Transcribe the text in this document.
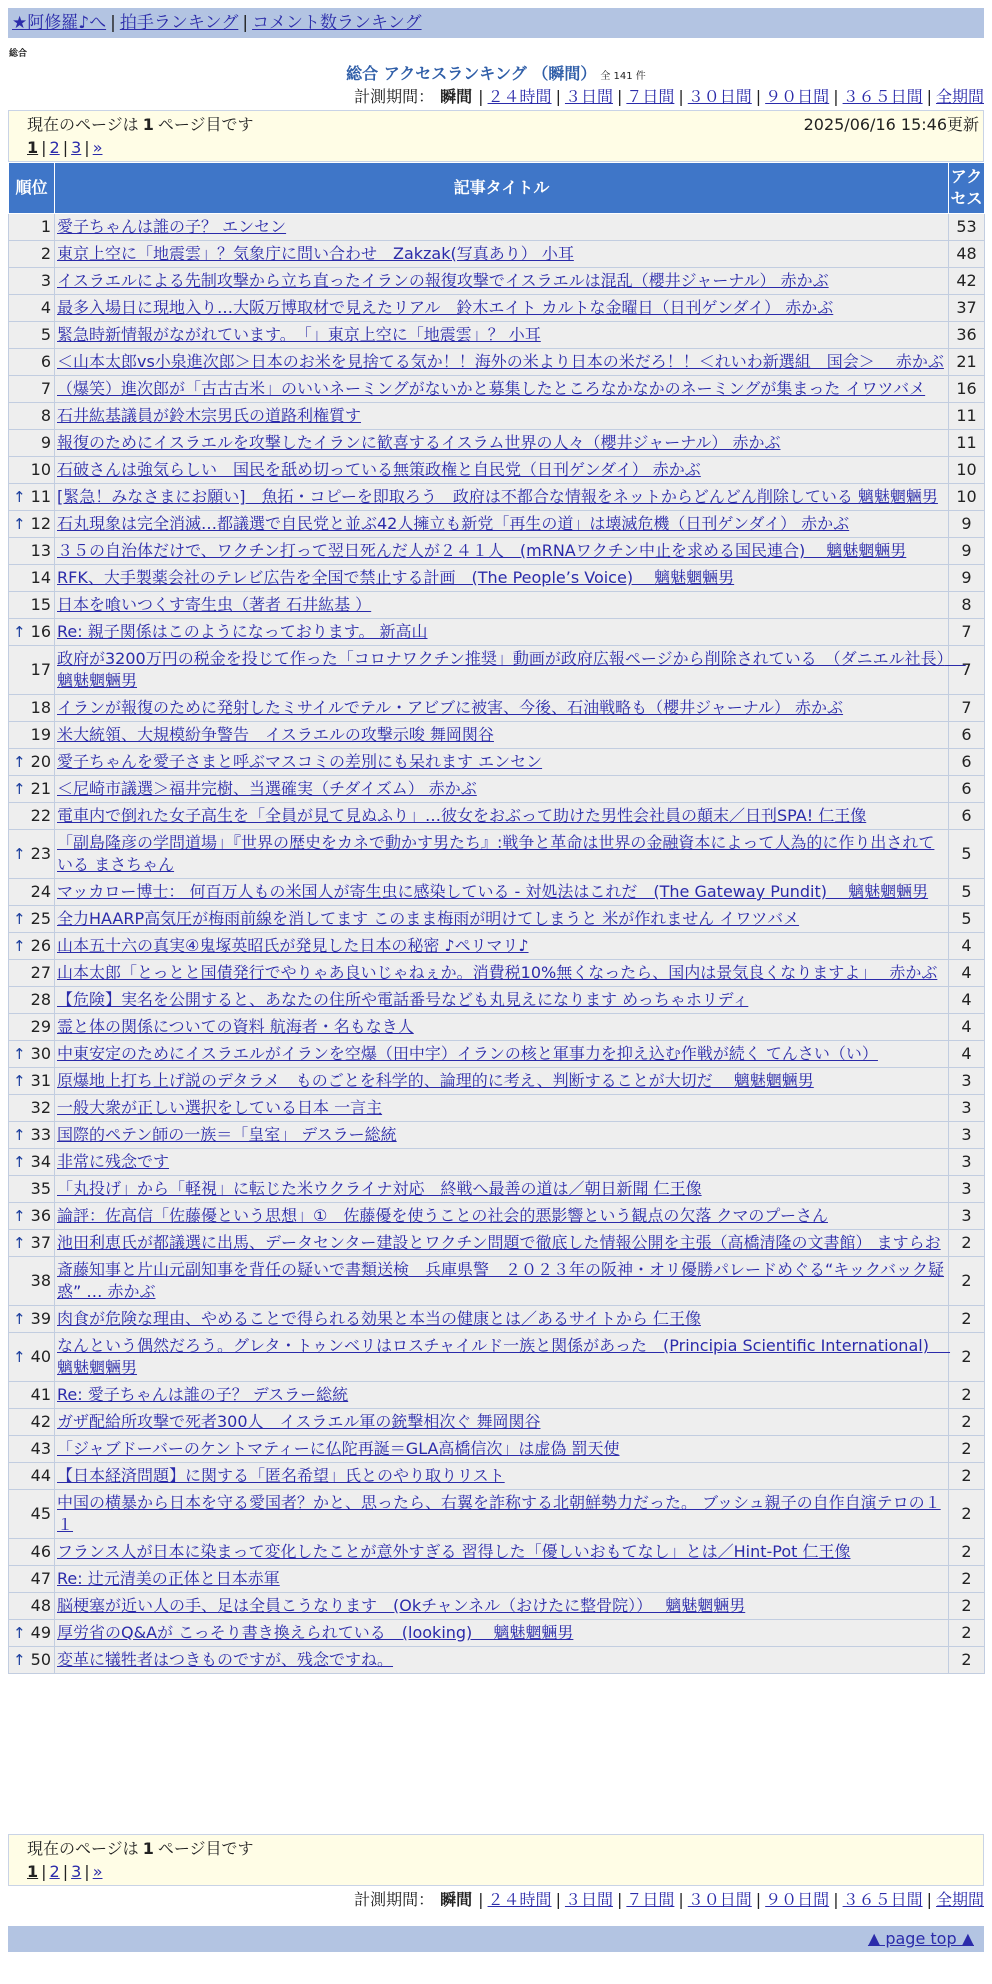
★阿修羅♪へ | 拍手ランキング | コメント数ランキング
総合
総合 アクセスランキング （瞬間） 全 141 件
計測期間： 瞬間 | ２４時間 | ３日間 | ７日間 | ３０日間 | ９０日間 | ３６５日間 | 全期間
現在のページは 1 ページ目です	2025/06/16 15:46更新
1 | 2 | 3 | »
順位	記事タイトル	アクセス
1	愛子ちゃんは誰の子？ エンセン	53
2	東京上空に「地震雲」？気象庁に問い合わせ　Zakzak(写真あり） 小耳	48
3	イスラエルによる先制攻撃から立ち直ったイランの報復攻撃でイスラエルは混乱（櫻井ジャーナル） 赤かぶ	42
4	最多入場日に現地入り…大阪万博取材で見えたリアル　鈴木エイト カルトな金曜日（日刊ゲンダイ） 赤かぶ	37
5	緊急時新情報がながれています。　「」東京上空に「地震雲」？ 小耳	36
6	＜山本太郎vs小泉進次郎＞日本のお米を見捨てる気か！！海外の米より日本の米だろ！！＜れいわ新選組　国会＞　 赤かぶ	21
7	（爆笑）進次郎が「古古古米」のいいネーミングがないかと募集したところなかなかのネーミングが集まった イワツバメ	16
8	石井紘基議員が鈴木宗男氏の道路利権質す	11
9	報復のためにイスラエルを攻撃したイランに歓喜するイスラム世界の人々（櫻井ジャーナル） 赤かぶ	11
10	石破さんは強気らしい　国民を舐め切っている無策政権と自民党（日刊ゲンダイ） 赤かぶ	10

↑ 11	[緊急！みなさまにお願い]　魚拓・コピーを即取ろう　政府は不都合な情報をネットからどんどん削除している 魑魅魍魎男	10

↑ 12	石丸現象は完全消滅…都議選で自民党と並ぶ42人擁立も新党「再生の道」は壊滅危機（日刊ゲンダイ） 赤かぶ	9
13	３５の自治体だけで、ワクチン打って翌日死んだ人が２４１人　(mRNAワクチン中止を求める国民連合)　 魑魅魍魎男	9
14	RFK、大手製薬会社のテレビ広告を全国で禁止する計画　(The People’s Voice)　 魑魅魍魎男	9
15	日本を喰いつくす寄生虫（著者 石井紘基 ）	8

↑ 16	Re: 親子関係はこのようになっております。 新高山	7
17	政府が3200万円の税金を投じて作った「コロナワクチン推奨」動画が政府広報ページから削除されている　（ダニエル社長）　 魑魅魍魎男	7
18	イランが報復のために発射したミサイルでテル・アビブに被害、今後、石油戦略も（櫻井ジャーナル） 赤かぶ	7
19	米大統領、大規模紛争警告　イスラエルの攻撃示唆 舞岡関谷	6

↑ 20	愛子ちゃんを愛子さまと呼ぶマスコミの差別にも呆れます エンセン	6

↑ 21	＜尼崎市議選＞福井完樹、当選確実（チダイズム） 赤かぶ	6
22	電車内で倒れた女子高生を「全員が見て見ぬふり」…彼女をおぶって助けた男性会社員の顛末／日刊SPA! 仁王像	6

↑ 23	「副島隆彦の学問道場」『世界の歴史をカネで動かす男たち』:戦争と革命は世界の金融資本によって人為的に作り出されている まさちゃん	5
24	マッカロー博士： 何百万人もの米国人が寄生虫に感染している - 対処法はこれだ　(The Gateway Pundit)　 魑魅魍魎男	5

↑ 25	全力HAARP高気圧が梅雨前線を消してます このまま梅雨が明けてしまうと 米が作れません イワツバメ	5

↑ 26	山本五十六の真実④鬼塚英昭氏が発見した日本の秘密 ♪ペリマリ♪	4
27	山本太郎「とっとと国債発行でやりゃあ良いじゃねぇか。消費税10%無くなったら、国内は景気良くなりますよ」　 赤かぶ	4
28	【危険】実名を公開すると、あなたの住所や電話番号なども丸見えになります めっちゃホリディ	4
29	霊と体の関係についての資料 航海者・名もなき人	4

↑ 30	中東安定のためにイスラエルがイランを空爆（田中宇）イランの核と軍事力を抑え込む作戦が続く てんさい（い）	4

↑ 31	原爆地上打ち上げ説のデタラメ　ものごとを科学的、論理的に考え、判断することが大切だ　 魑魅魍魎男	3
32	一般大衆が正しい選択をしている日本 一言主	3

↑ 33	国際的ペテン師の一族＝「皇室」 デスラー総統	3

↑ 34	非常に残念です	3
35	「丸投げ」から「軽視」に転じた米ウクライナ対応　終戦へ最善の道は／朝日新聞 仁王像	3

↑ 36	論評：佐高信「佐藤優という思想」①　佐藤優を使うことの社会的悪影響という観点の欠落 クマのプーさん	3

↑ 37	池田利恵氏が都議選に出馬、データセンター建設とワクチン問題で徹底した情報公開を主張（高橋清隆の文書館） ますらお	2
38	斎藤知事と片山元副知事を背任の疑いで書類送検　兵庫県警　２０２３年の阪神・オリ優勝パレードめぐる“キックバック疑惑” … 赤かぶ	2

↑ 39	肉食が危険な理由、やめることで得られる効果と本当の健康とは／あるサイトから 仁王像	2

↑ 40	なんという偶然だろう。グレタ・トゥンベリはロスチャイルド一族と関係があった　(Principia Scientific International)　 魑魅魍魎男	2
41	Re: 愛子ちゃんは誰の子？ デスラー総統	2
42	ガザ配給所攻撃で死者300人　イスラエル軍の銃撃相次ぐ 舞岡関谷	2
43	「ジャブドーバーのケントマティーに仏陀再誕＝GLA高橋信次」は虚偽 罰天使	2
44	【日本経済問題】に関する「匿名希望」氏とのやり取りリスト	2
45	中国の横暴から日本を守る愛国者？かと、思ったら、右翼を詐称する北朝鮮勢力だった。 ブッシュ親子の自作自演テロの１１	2
46	フランス人が日本に染まって変化したことが意外すぎる 習得した「優しいおもてなし」とは／Hint-Pot 仁王像	2
47	Re: 辻元清美の正体と日本赤軍	2
48	脳梗塞が近い人の手、足は全員こうなります　(Okチャンネル（おけたに整骨院））　 魑魅魍魎男	2

↑ 49	厚労省のQ&Aが こっそり書き換えられている　(looking)　 魑魅魍魎男	2

↑ 50	変革に犠牲者はつきものですが、残念ですね。	2
現在のページは 1 ページ目です
1 | 2 | 3 | »
計測期間： 瞬間 | ２４時間 | ３日間 | ７日間 | ３０日間 | ９０日間 | ３６５日間 | 全期間
▲ page top ▲
